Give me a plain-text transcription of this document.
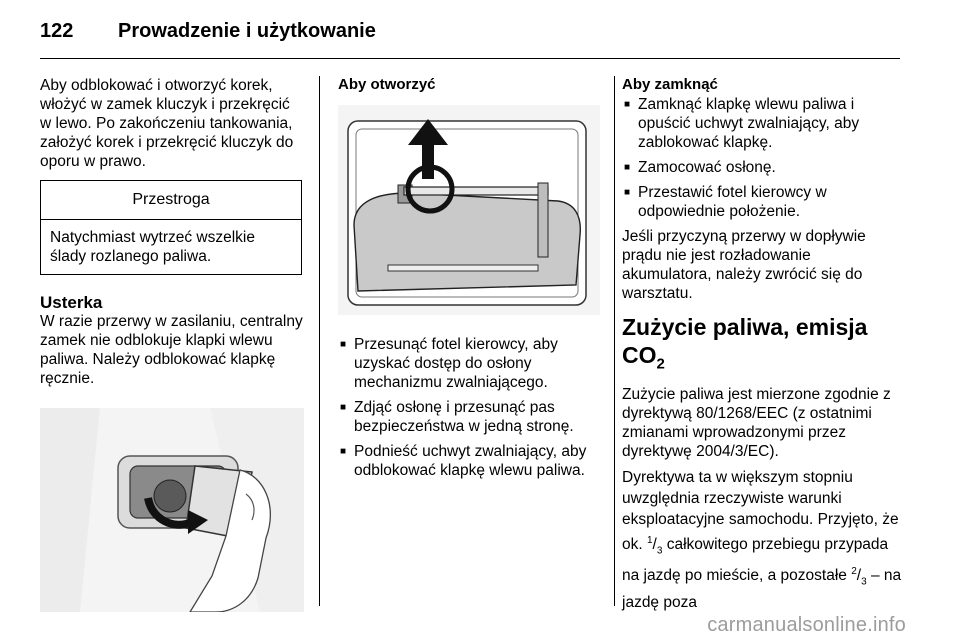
122	Prowadzenie i użytkowanie

Aby odblokować i otworzyć korek, włożyć w zamek kluczyk i przekręcić w lewo. Po zakończeniu tankowania, założyć korek i przekręcić kluczyk do oporu w prawo.

Przestroga
Natychmiast wytrzeć wszelkie ślady rozlanego paliwa.
Usterka

W razie przerwy w zasilaniu, centralny zamek nie odblokuje klapki wlewu paliwa. Należy odblokować klapkę ręcznie.

Aby otworzyć
■ Przesunąć fotel kierowcy, aby uzyskać dostęp do osłony mechanizmu zwalniającego.
■ Zdjąć osłonę i przesunąć pas bezpieczeństwa w jedną stronę.
■ Podnieść uchwyt zwalniający, aby odblokować klapkę wlewu paliwa.
Aby zamknąć
■ Zamknąć klapkę wlewu paliwa i opuścić uchwyt zwalniający, aby zablokować klapkę.
■ Zamocować osłonę.
■ Przestawić fotel kierowcy w odpowiednie położenie.

Jeśli przyczyną przerwy w dopływie prądu nie jest rozładowanie akumulatora, należy zwrócić się do warsztatu.

Zużycie paliwa, emisja $CO_2$

Zużycie paliwa jest mierzone zgodnie z dyrektywą 80/1268/EEC (z ostatnimi zmianami wprowadzonymi przez dyrektywę 2004/3/EC).

Dyrektywa ta w większym stopniu uwzględnia rzeczywiste warunki eksploatacyjne samochodu. Przyjęto, że ok. $^1/_3$ całkowitego przebiegu przypada na jazdę po mieście, a pozostałe $^2/_3$ – na jazdę poza

carmanualsonline.info
